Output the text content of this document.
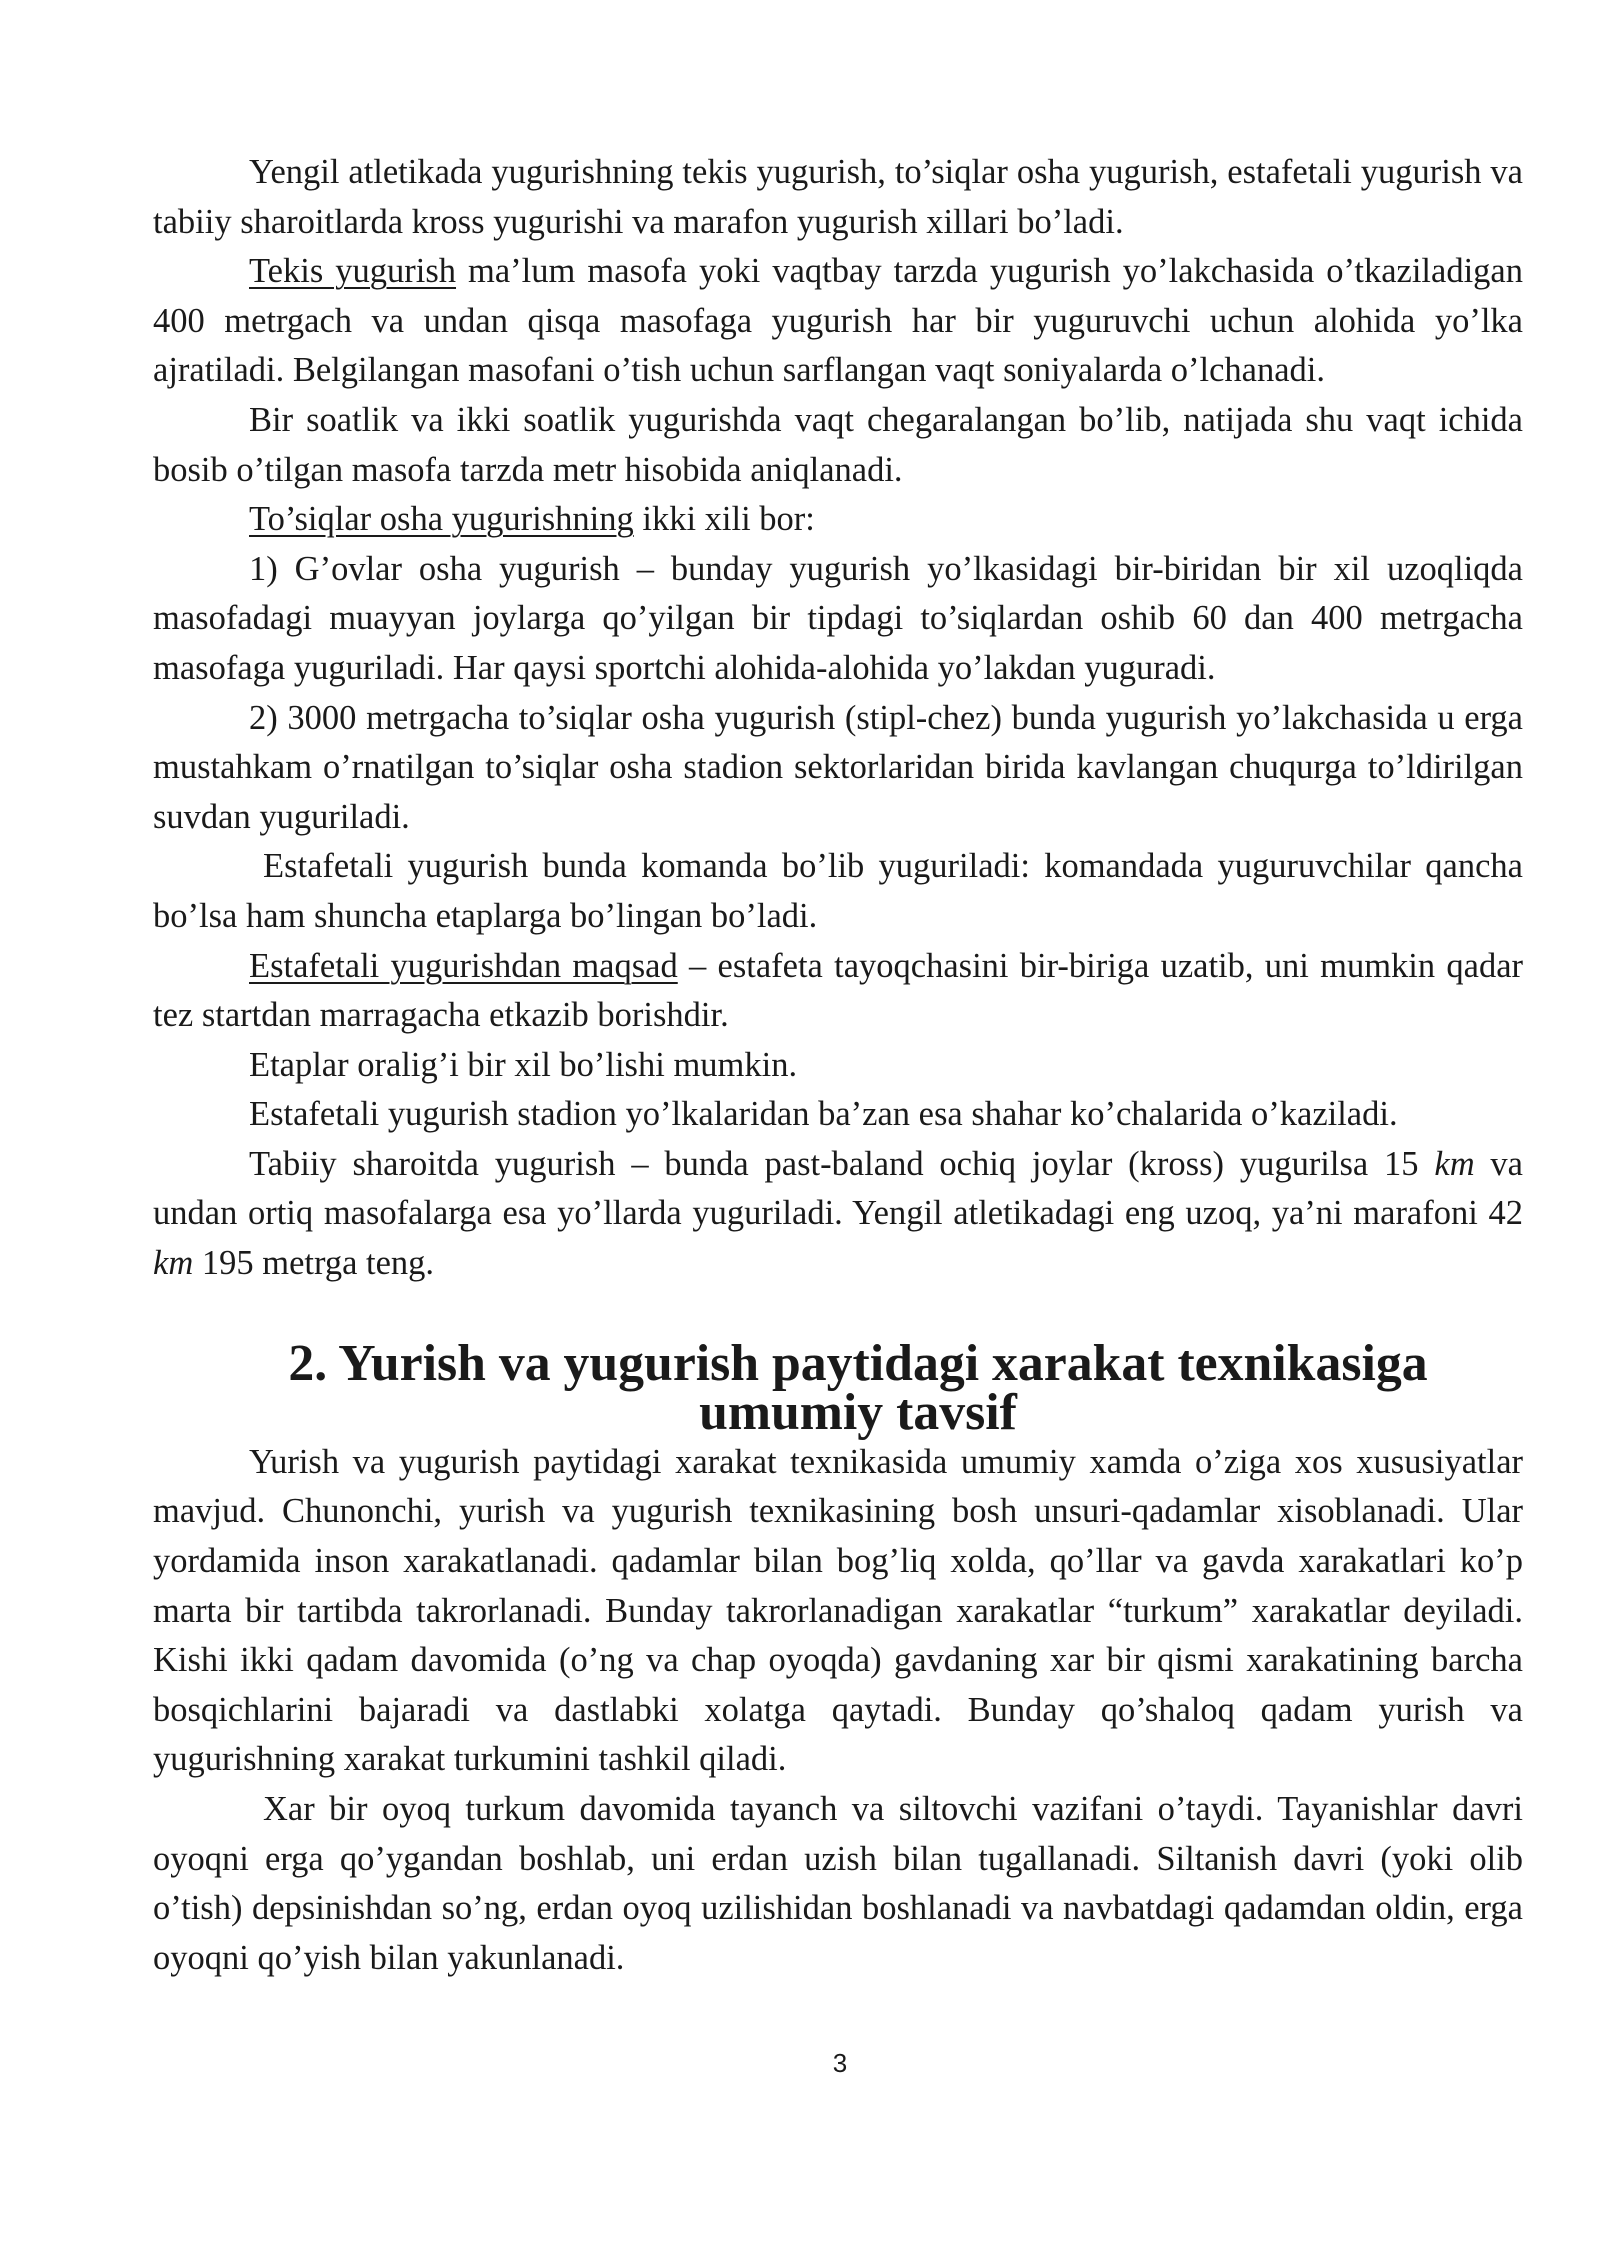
Yengil atletikada yugurishning tekis yugurish, to’siqlar osha yugurish, estafetali yugurish va tabiiy sharoitlarda kross yugurishi va marafon yugurish xillari bo’ladi.

Tekis yugurish ma’lum masofa yoki vaqtbay tarzda yugurish yo’lakchasida o’tkaziladigan 400 metrgach va undan qisqa masofaga yugurish har bir yuguruvchi uchun alohida yo’lka ajratiladi. Belgilangan masofani o’tish uchun sarflangan vaqt soniyalarda o’lchanadi.

Bir soatlik va ikki soatlik yugurishda vaqt chegaralangan bo’lib, natijada shu vaqt ichida bosib o’tilgan masofa tarzda metr hisobida aniqlanadi.

To’siqlar osha yugurishning ikki xili bor:

1) G’ovlar osha yugurish – bunday yugurish yo’lkasidagi bir-biridan bir xil uzoqliqda masofadagi muayyan joylarga qo’yilgan bir tipdagi to’siqlardan oshib 60 dan 400 metrgacha masofaga yuguriladi. Har qaysi sportchi alohida-alohida yo’lakdan yuguradi.

2) 3000 metrgacha to’siqlar osha yugurish (stipl-chez) bunda yugurish yo’lakchasida u erga mustahkam o’rnatilgan to’siqlar osha stadion sektorlaridan birida kavlangan chuqurga to’ldirilgan suvdan yuguriladi.

Estafetali yugurish bunda komanda bo’lib yuguriladi: komandada yuguruvchilar qancha bo’lsa ham shuncha etaplarga bo’lingan bo’ladi.

Estafetali yugurishdan maqsad – estafeta tayoqchasini bir-biriga uzatib, uni mumkin qadar tez startdan marragacha etkazib borishdir.

Etaplar oralig’i bir xil bo’lishi mumkin.

Estafetali yugurish stadion yo’lkalaridan ba’zan esa shahar ko’chalarida o’kaziladi.

Tabiiy sharoitda yugurish – bunda past-baland ochiq joylar (kross) yugurilsa 15 km va undan ortiq masofalarga esa yo’llarda yuguriladi. Yengil atletikadagi eng uzoq, ya’ni marafoni 42 km 195 metrga teng.

2. Yurish va yugurish paytidagi xarakat texnikasiga umumiy tavsif

Yurish va yugurish paytidagi xarakat texnikasida umumiy xamda o’ziga xos xususiyatlar mavjud. Chunonchi, yurish va yugurish texnikasining bosh unsuri-qadamlar xisoblanadi. Ular yordamida inson xarakatlanadi. qadamlar bilan bog’liq xolda, qo’llar va gavda xarakatlari ko’p marta bir tartibda takrorlanadi. Bunday takrorlanadigan xarakatlar “turkum” xarakatlar deyiladi. Kishi ikki qadam davomida (o’ng va chap oyoqda) gavdaning xar bir qismi xarakatining barcha bosqichlarini bajaradi va dastlabki xolatga qaytadi. Bunday qo’shaloq qadam yurish va yugurishning xarakat turkumini tashkil qiladi.

Xar bir oyoq turkum davomida tayanch va siltovchi vazifani o’taydi. Tayanishlar davri oyoqni erga qo’ygandan boshlab, uni erdan uzish bilan tugallanadi. Siltanish davri (yoki olib o’tish) depsinishdan so’ng, erdan oyoq uzilishidan boshlanadi va navbatdagi qadamdan oldin, erga oyoqni qo’yish bilan yakunlanadi.

3
